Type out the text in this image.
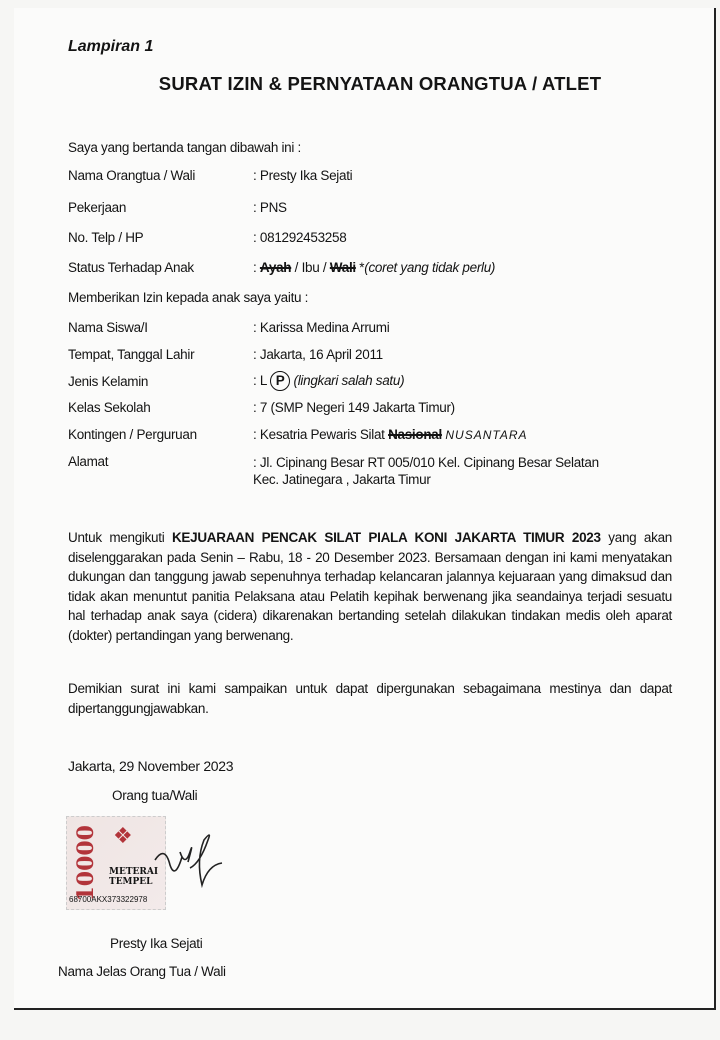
Lampiran 1
SURAT IZIN & PERNYATAAN ORANGTUA / ATLET
Saya yang bertanda tangan dibawah ini :
Nama Orangtua / Wali	: Presty Ika Sejati
Pekerjaan	: PNS
No. Telp / HP	: 081292453258
Status Terhadap Anak	: Ayah / Ibu / Wali *(coret yang tidak perlu)
Memberikan Izin kepada anak saya yaitu :
Nama Siswa/I	: Karissa Medina Arrumi
Tempat, Tanggal Lahir	: Jakarta, 16 April 2011
Jenis Kelamin	: L P (lingkari salah satu)
Kelas Sekolah	: 7 (SMP Negeri 149 Jakarta Timur)
Kontingen / Perguruan	: Kesatria Pewaris Silat Nasional NUSANTARA
Alamat	: Jl. Cipinang Besar RT 005/010 Kel. Cipinang Besar Selatan
Kec. Jatinegara , Jakarta Timur
Untuk mengikuti KEJUARAAN PENCAK SILAT PIALA KONI JAKARTA TIMUR 2023 yang akan diselenggarakan pada Senin – Rabu, 18 - 20 Desember 2023. Bersamaan dengan ini kami menyatakan dukungan dan tanggung jawab sepenuhnya terhadap kelancaran jalannya kejuaraan yang dimaksud dan tidak akan menuntut panitia Pelaksana atau Pelatih kepihak berwenang jika seandainya terjadi sesuatu hal terhadap anak saya (cidera) dikarenakan bertanding setelah dilakukan tindakan medis oleh aparat (dokter) pertandingan yang berwenang.
Demikian surat ini kami sampaikan untuk dapat dipergunakan sebagaimana mestinya dan dapat dipertanggungjawabkan.
Jakarta, 29 November 2023
Orang tua/Wali
10000 ❖
METERAI
TEMPEL
68700AKX373322978
Presty Ika Sejati
Nama Jelas Orang Tua / Wali
